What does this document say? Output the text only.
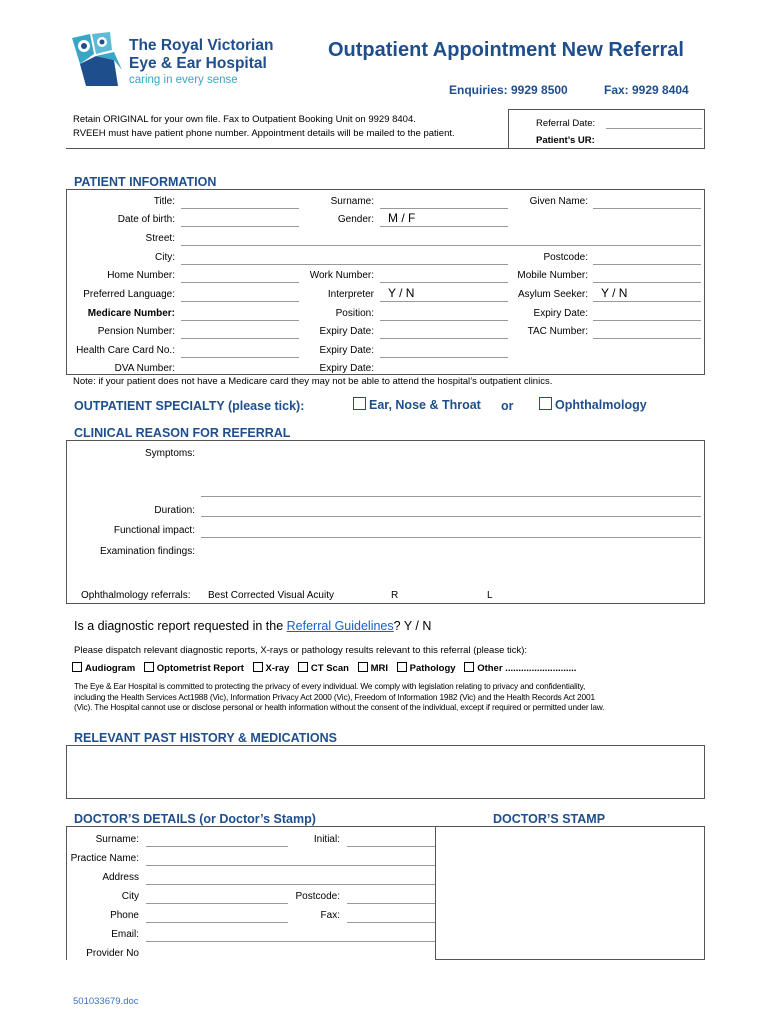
The Royal Victorian
Eye & Ear Hospital
caring in every sense
Outpatient Appointment New Referral
Enquiries: 9929 8500	Fax: 9929 8404
Retain ORIGINAL for your own file. Fax to Outpatient Booking Unit on 9929 8404.
RVEEH must have patient phone number. Appointment details will be mailed to the patient.
Referral Date:
Patient’s UR:
PATIENT INFORMATION
Title:	Surname:	Given Name:
Date of birth:	Gender: M / F
Street:
City:	Postcode:
Home Number:	Work Number:	Mobile Number:
Preferred Language:	Interpreter Y / N	Asylum Seeker: Y / N
Medicare Number:	Position:	Expiry Date:
Pension Number:	Expiry Date:	TAC Number:
Health Care Card No.:	Expiry Date:
DVA Number:	Expiry Date:
Note: if your patient does not have a Medicare card they may not be able to attend the hospital’s outpatient clinics.
OUTPATIENT SPECIALTY (please tick):	Ear, Nose & Throat or	Ophthalmology
CLINICAL REASON FOR REFERRAL
Symptoms:
Duration:
Functional impact:
Examination findings:
Ophthalmology referrals: Best Corrected Visual Acuity	R	L
Is a diagnostic report requested in the Referral Guidelines? Y / N
Please dispatch relevant diagnostic reports, X-rays or pathology results relevant to this referral (please tick):
Audiogram Optometrist Report X-ray CT Scan MRI Pathology Other ...........................
The Eye & Ear Hospital is committed to protecting the privacy of every individual. We comply with legislation relating to privacy and confidentiality,
including the Health Services Act1988 (Vic), Information Privacy Act 2000 (Vic), Freedom of Information 1982 (Vic) and the Health Records Act 2001
(Vic). The Hospital cannot use or disclose personal or health information without the consent of the individual, except if required or permitted under law.
RELEVANT PAST HISTORY & MEDICATIONS
DOCTOR’S DETAILS (or Doctor’s Stamp)	DOCTOR’S STAMP
Surname:	Initial:
Practice Name:
Address
City	Postcode:
Phone	Fax:
Email:
Provider No
501033679.doc
